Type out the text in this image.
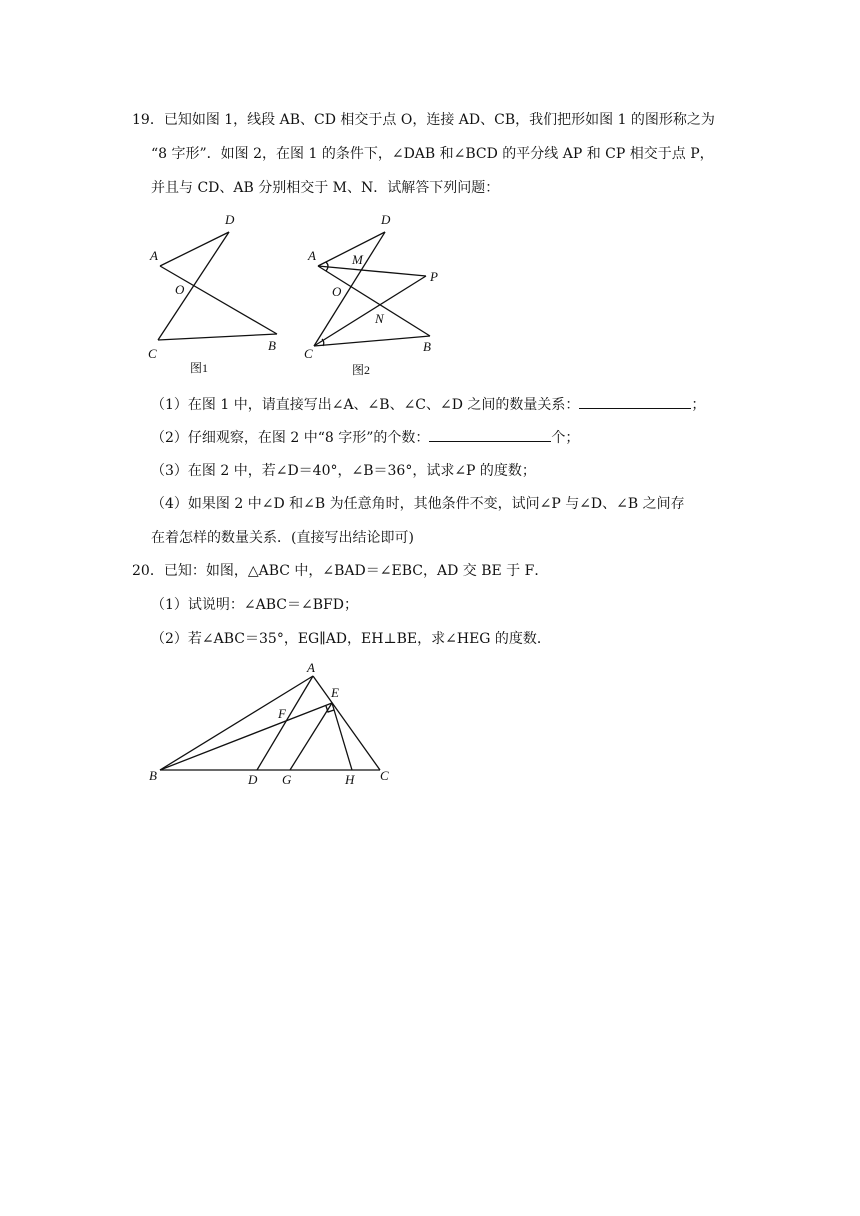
19．已知如图 1，线段 AB、CD 相交于点 O，连接 AD、CB，我们把形如图 1 的图形称之为
“8 字形”．如图 2，在图 1 的条件下，∠DAB 和∠BCD 的平分线 AP 和 CP 相交于点 P，
并且与 CD、AB 分别相交于 M、N．试解答下列问题：
D
A
O
C
B
图1
D
A	M
P
O
N
C	B
图2
（1）在图 1 中，请直接写出∠A、∠B、∠C、∠D 之间的数量关系：	；
（2）仔细观察，在图 2 中“8 字形”的个数：	个；
（3）在图 2 中，若∠D＝40°，∠B＝36°，试求∠P 的度数；
（4）如果图 2 中∠D 和∠B 为任意角时，其他条件不变，试问∠P 与∠D、∠B 之间存
在着怎样的数量关系．(直接写出结论即可)
20．已知：如图，△ABC 中，∠BAD＝∠EBC，AD 交 BE 于 F．
（1）试说明：∠ABC＝∠BFD；
（2）若∠ABC＝35°，EG∥AD，EH⊥BE，求∠HEG 的度数．
A
E
F
B	D G	H C
